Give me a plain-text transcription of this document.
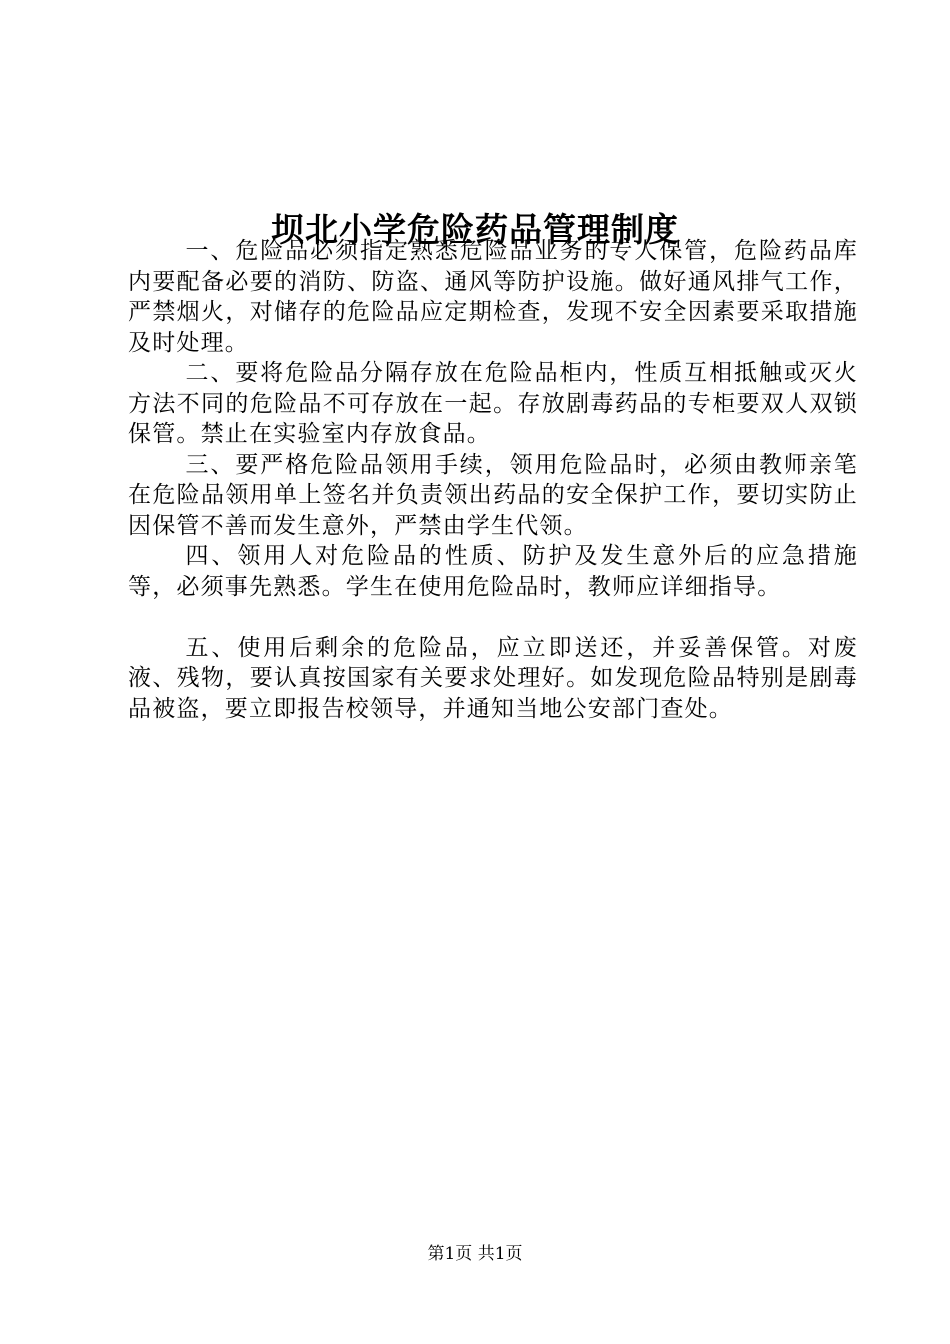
坝北小学危险药品管理制度

一、危险品必须指定熟悉危险品业务的专人保管，危险药品库内要配备必要的消防、防盗、通风等防护设施。做好通风排气工作，严禁烟火，对储存的危险品应定期检查，发现不安全因素要采取措施及时处理。

二、要将危险品分隔存放在危险品柜内，性质互相抵触或灭火方法不同的危险品不可存放在一起。存放剧毒药品的专柜要双人双锁保管。禁止在实验室内存放食品。

三、要严格危险品领用手续，领用危险品时，必须由教师亲笔在危险品领用单上签名并负责领出药品的安全保护工作，要切实防止因保管不善而发生意外，严禁由学生代领。

四、领用人对危险品的性质、防护及发生意外后的应急措施等，必须事先熟悉。学生在使用危险品时，教师应详细指导。

五、使用后剩余的危险品，应立即送还，并妥善保管。对废液、残物，要认真按国家有关要求处理好。如发现危险品特别是剧毒品被盗，要立即报告校领导，并通知当地公安部门查处。

第1页 共1页
